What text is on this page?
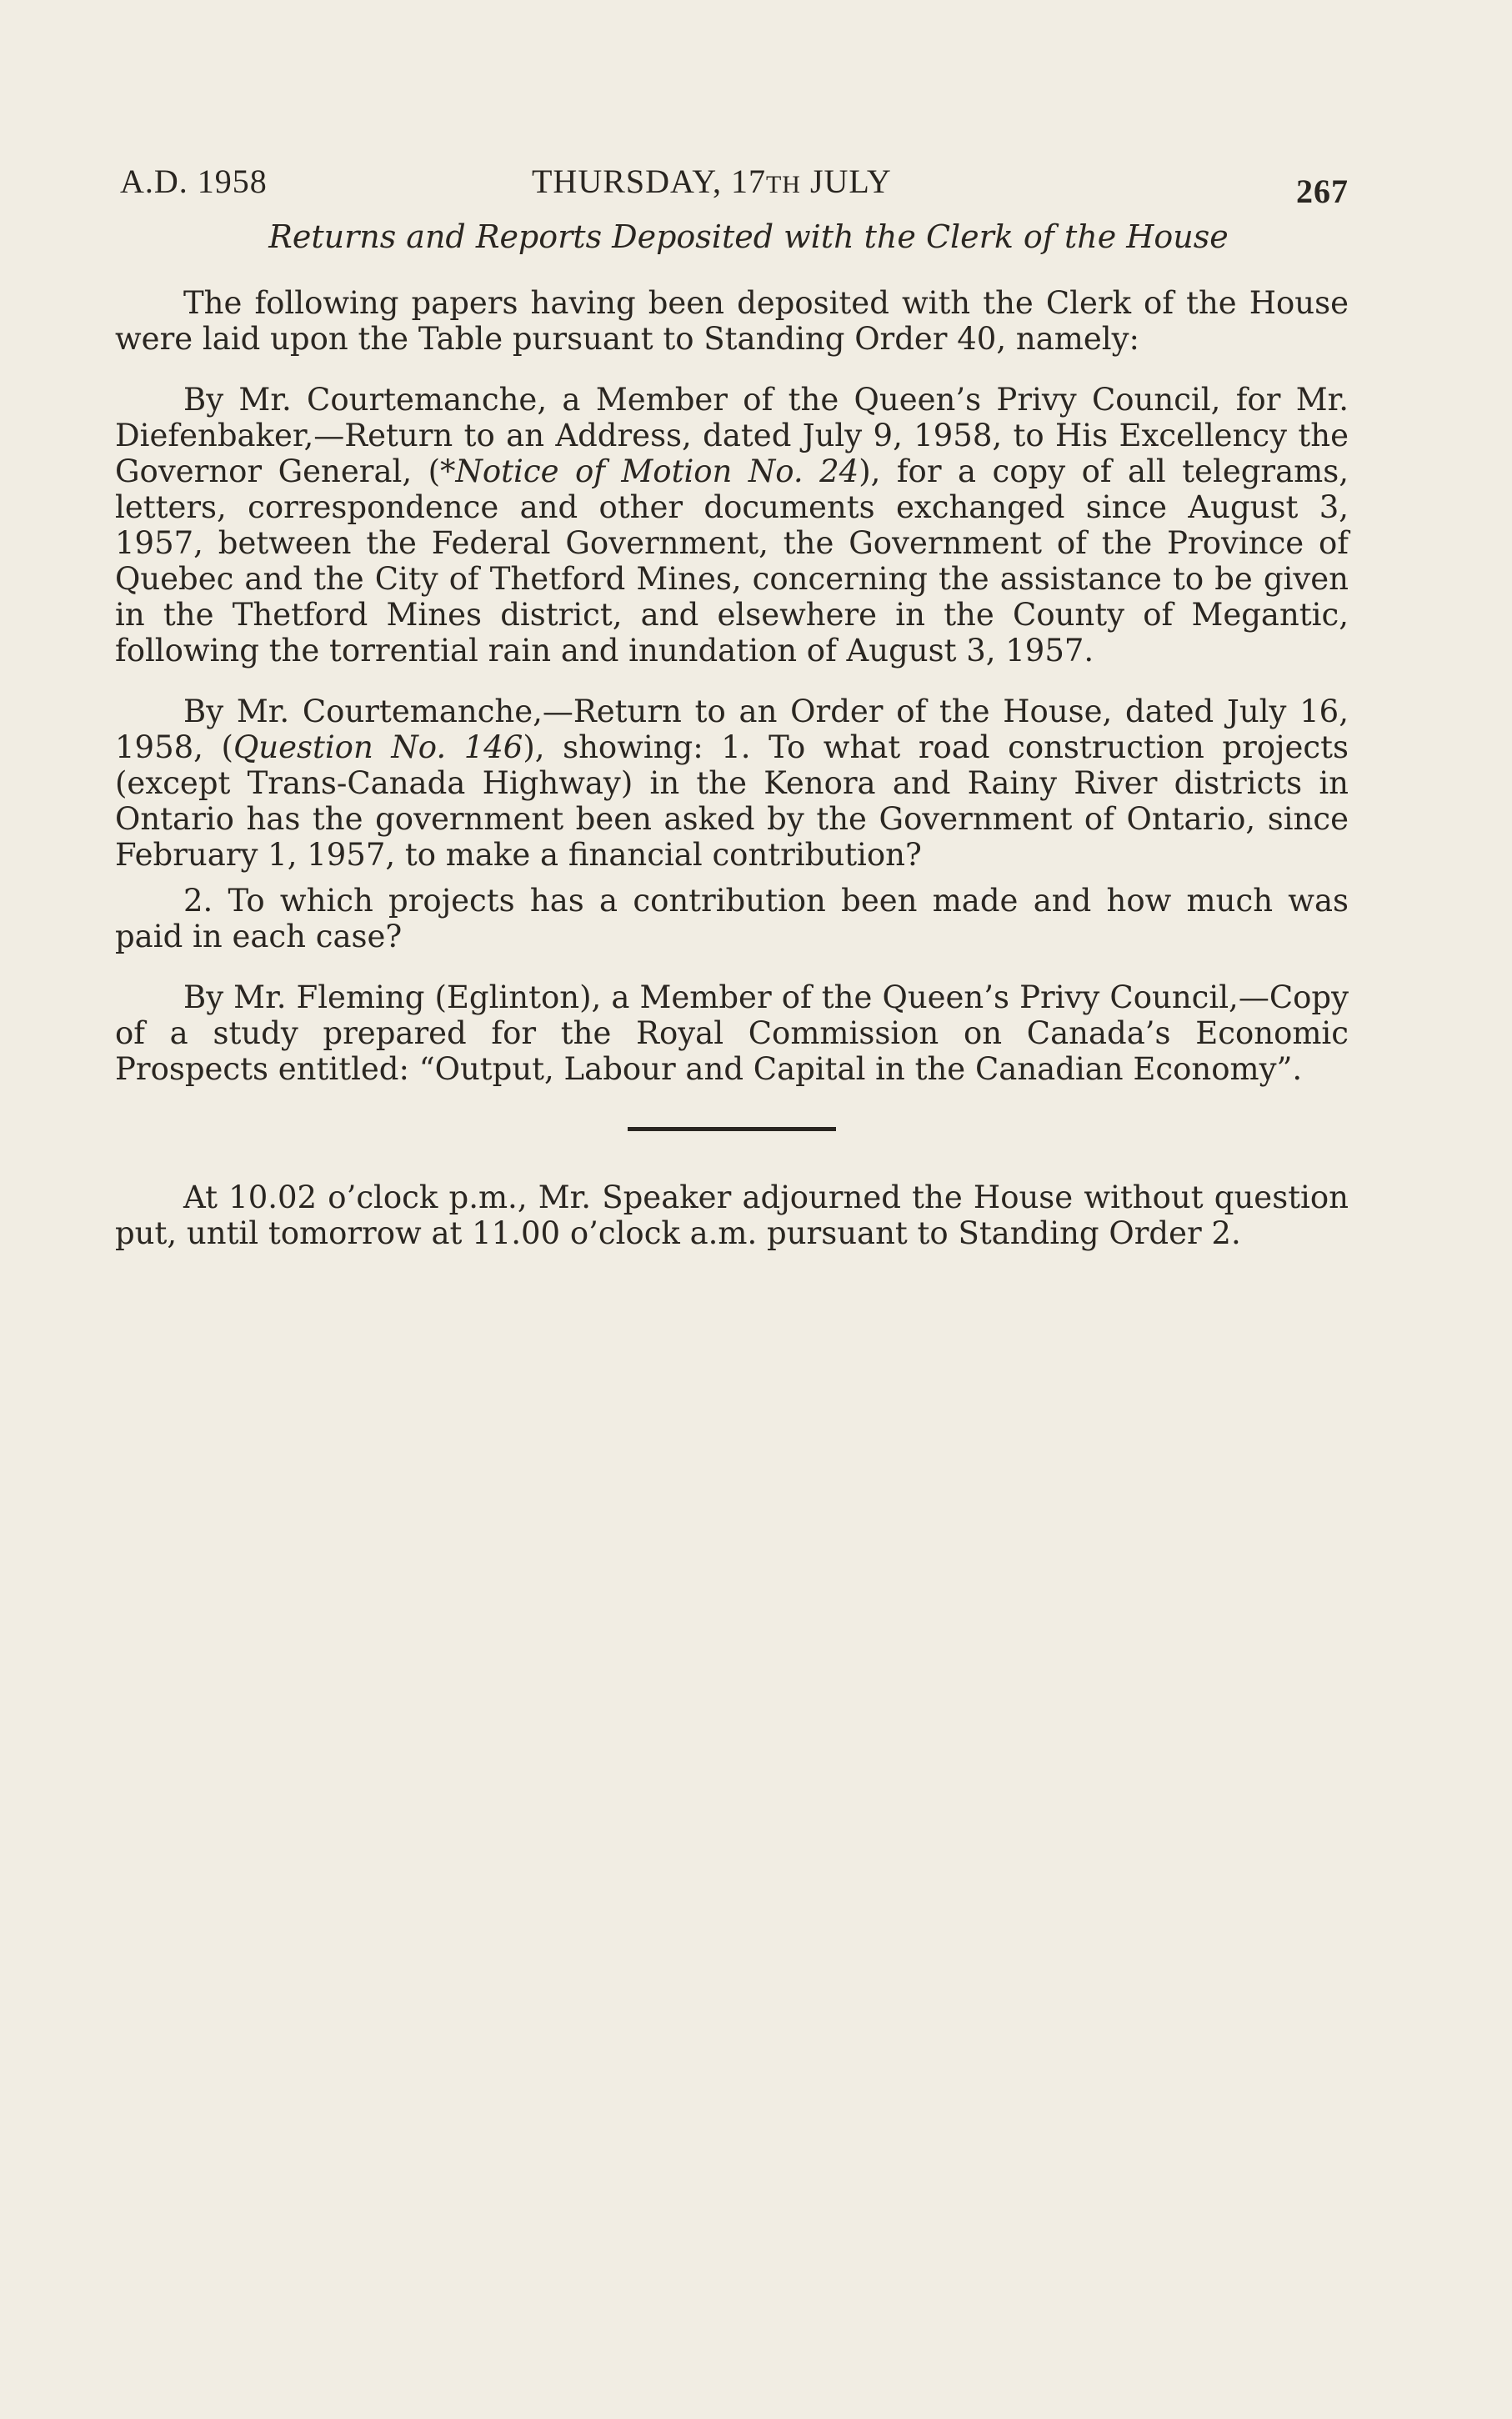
A.D. 1958	THURSDAY, 17TH JULY	267
Returns and Reports Deposited with the Clerk of the House

The following papers having been deposited with the Clerk of the House were laid upon the Table pursuant to Standing Order 40, namely:

By Mr. Courtemanche, a Member of the Queen’s Privy Council, for Mr. Diefenbaker,—Return to an Address, dated July 9, 1958, to His Excellency the Governor General, (*Notice of Motion No. 24), for a copy of all telegrams, letters, correspondence and other documents exchanged since August 3, 1957, between the Federal Government, the Government of the Province of Quebec and the City of Thetford Mines, concerning the assistance to be given in the Thetford Mines district, and elsewhere in the County of Megantic, following the torrential rain and inundation of August 3, 1957.

By Mr. Courtemanche,—Return to an Order of the House, dated July 16, 1958, (Question No. 146), showing: 1. To what road construction projects (except Trans-Canada Highway) in the Kenora and Rainy River districts in Ontario has the government been asked by the Government of Ontario, since February 1, 1957, to make a financial contribution?

2. To which projects has a contribution been made and how much was paid in each case?

By Mr. Fleming (Eglinton), a Member of the Queen’s Privy Council,—Copy of a study prepared for the Royal Commission on Canada’s Economic Prospects entitled: “Output, Labour and Capital in the Canadian Economy”.

At 10.02 o’clock p.m., Mr. Speaker adjourned the House without question put, until tomorrow at 11.00 o’clock a.m. pursuant to Standing Order 2.
